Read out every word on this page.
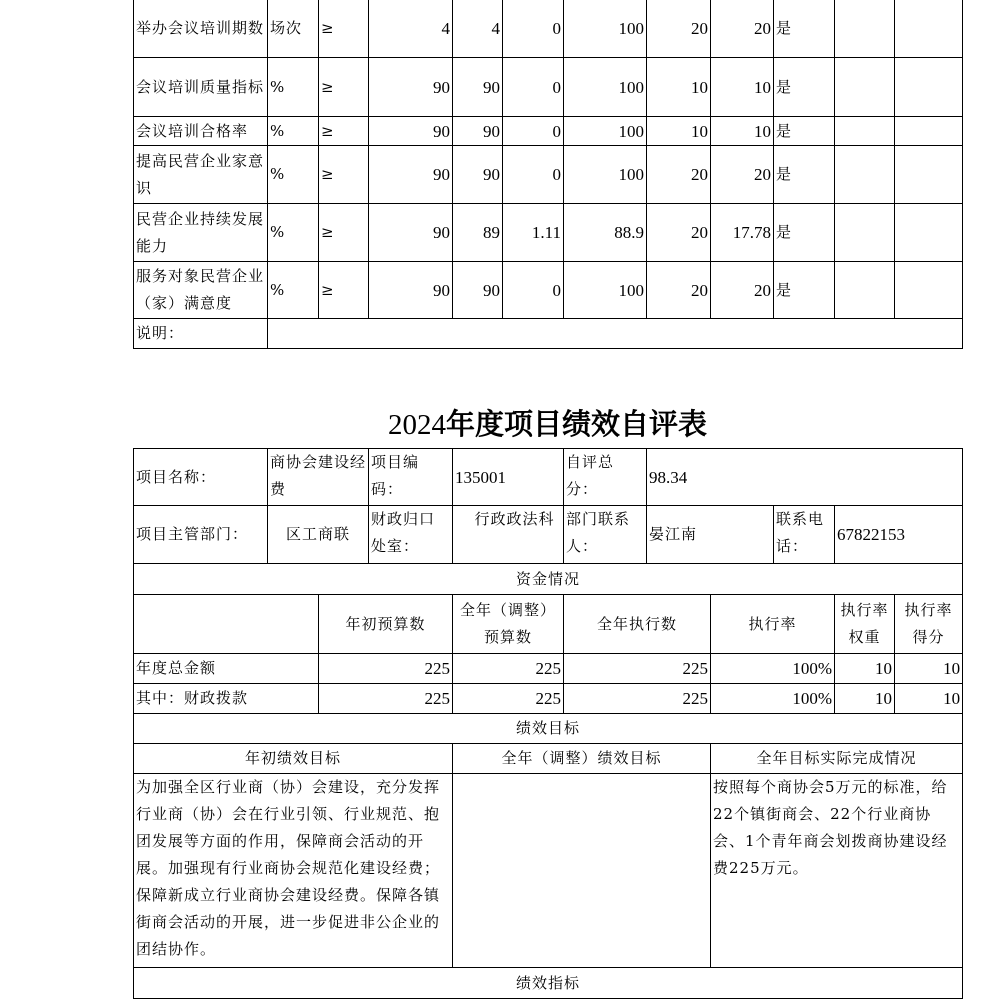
举办会议培训期数	场次	≥	4	4	0	100	20	20	是		
会议培训质量指标	%	≥	90	90	0	100	10	10	是		
会议培训合格率	%	≥	90	90	0	100	10	10	是		
提高民营企业家意识	%	≥	90	90	0	100	20	20	是		
民营企业持续发展能力	%	≥	90	89	1.11	88.9	20	17.78	是		
服务对象民营企业（家）满意度	%	≥	90	90	0	100	20	20	是		
说明：											
2024年度项目绩效自评表
项目名称：	商协会建设经费		项目编码：	135001	自评总分：	98.34				
项目主管部门：	区工商联		财政归口处室：	行政政法科	部门联系人：	晏江南		联系电话：	67822153	
资金情况										
		年初预算数		全年（调整）预算数	全年执行数		执行率		执行率权重	执行率得分
年度总金额		225		225	225		100%		10	10
其中：财政拨款		225		225	225		100%		10	10
绩效目标										
年初绩效目标				全年（调整）绩效目标			全年目标实际完成情况			
为加强全区行业商（协）会建设，充分发挥行业商（协）会在行业引领、行业规范、抱团发展等方面的作用，保障商会活动的开展。加强现有行业商协会规范化建设经费；保障新成立行业商协会建设经费。保障各镇街商会活动的开展，进一步促进非公企业的团结协作。							按照每个商协会5万元的标准，给22个镇街商会、22个行业商协会、1个青年商会划拨商协建设经费225万元。			
绩效指标										
